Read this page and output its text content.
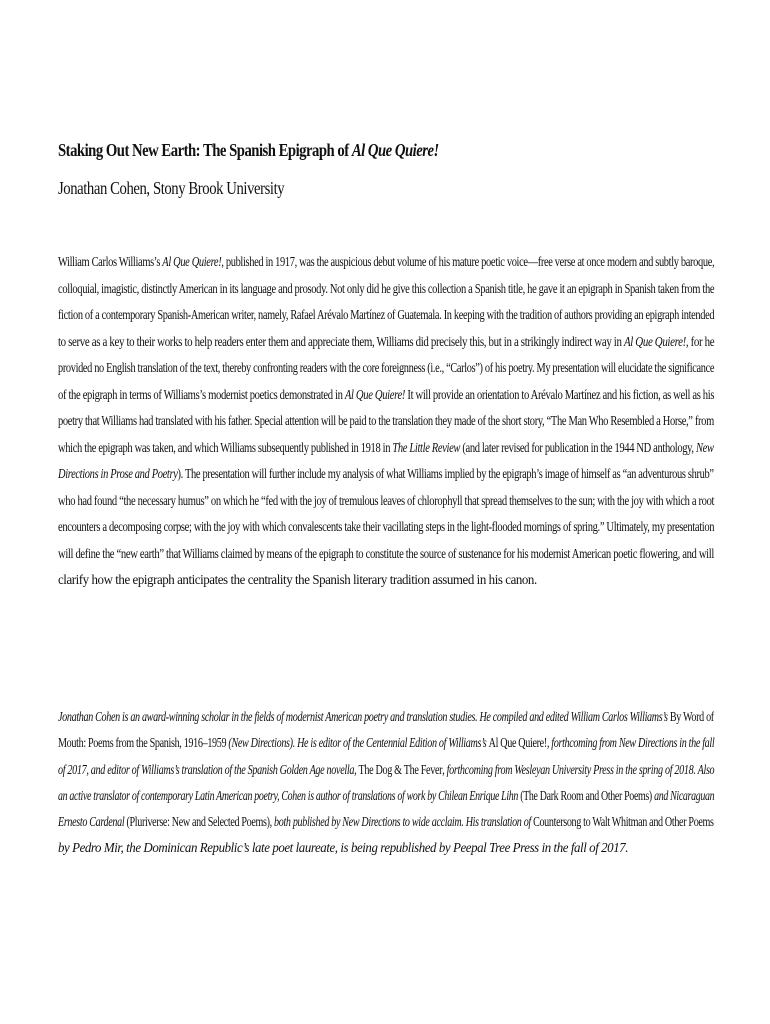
Staking Out New Earth: The Spanish Epigraph of Al Que Quiere!
Jonathan Cohen, Stony Brook University
William Carlos Williams’s Al Que Quiere!, published in 1917, was the auspicious debut volume of his mature poetic voice—free verse at once modern and subtly baroque,
colloquial, imagistic, distinctly American in its language and prosody. Not only did he give this collection a Spanish title, he gave it an epigraph in Spanish taken from the
fiction of a contemporary Spanish-American writer, namely, Rafael Arévalo Martínez of Guatemala. In keeping with the tradition of authors providing an epigraph intended
to serve as a key to their works to help readers enter them and appreciate them, Williams did precisely this, but in a strikingly indirect way in Al Que Quiere!, for he
provided no English translation of the text, thereby confronting readers with the core foreignness (i.e., “Carlos”) of his poetry. My presentation will elucidate the significance
of the epigraph in terms of Williams’s modernist poetics demonstrated in Al Que Quiere! It will provide an orientation to Arévalo Martínez and his fiction, as well as his
poetry that Williams had translated with his father. Special attention will be paid to the translation they made of the short story, “The Man Who Resembled a Horse,” from
which the epigraph was taken, and which Williams subsequently published in 1918 in The Little Review (and later revised for publication in the 1944 ND anthology, New
Directions in Prose and Poetry). The presentation will further include my analysis of what Williams implied by the epigraph’s image of himself as “an adventurous shrub”
who had found “the necessary humus” on which he “fed with the joy of tremulous leaves of chlorophyll that spread themselves to the sun; with the joy with which a root
encounters a decomposing corpse; with the joy with which convalescents take their vacillating steps in the light-flooded mornings of spring.” Ultimately, my presentation
will define the “new earth” that Williams claimed by means of the epigraph to constitute the source of sustenance for his modernist American poetic flowering, and will
clarify how the epigraph anticipates the centrality the Spanish literary tradition assumed in his canon.
Jonathan Cohen is an award-winning scholar in the fields of modernist American poetry and translation studies. He compiled and edited William Carlos Williams’s By Word of
Mouth: Poems from the Spanish, 1916–1959 (New Directions). He is editor of the Centennial Edition of Williams’s Al Que Quiere!, forthcoming from New Directions in the fall
of 2017, and editor of Williams’s translation of the Spanish Golden Age novella, The Dog & The Fever, forthcoming from Wesleyan University Press in the spring of 2018. Also
an active translator of contemporary Latin American poetry, Cohen is author of translations of work by Chilean Enrique Lihn (The Dark Room and Other Poems) and Nicaraguan
Ernesto Cardenal (Pluriverse: New and Selected Poems), both published by New Directions to wide acclaim. His translation of Countersong to Walt Whitman and Other Poems
by Pedro Mir, the Dominican Republic’s late poet laureate, is being republished by Peepal Tree Press in the fall of 2017.
